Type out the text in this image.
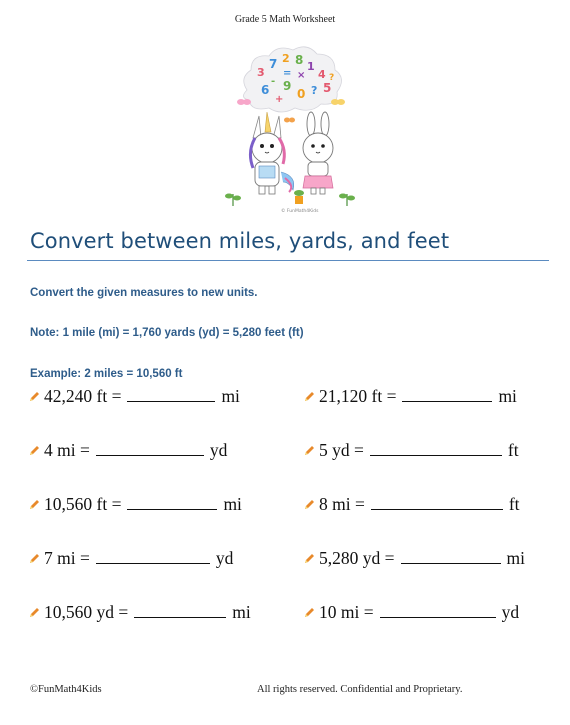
Grade 5 Math Worksheet
3
7 2 8 1
4
6 9
0 5
?
+
×
=
-	?
© FunMath4Kids
Convert between miles, yards, and feet
Convert the given measures to new units.
Note: 1 mile (mi) = 1,760 yards (yd) = 5,280 feet (ft)
Example: 2 miles = 10,560 ft
42,240 ft =	mi	21,120 ft =	mi
4 mi =	yd	5 yd =	ft
10,560 ft =	mi	8 mi =	ft
7 mi =	yd	5,280 yd =	mi
10,560 yd =	mi	10 mi =	yd
©FunMath4Kids	All rights reserved. Confidential and Proprietary.
